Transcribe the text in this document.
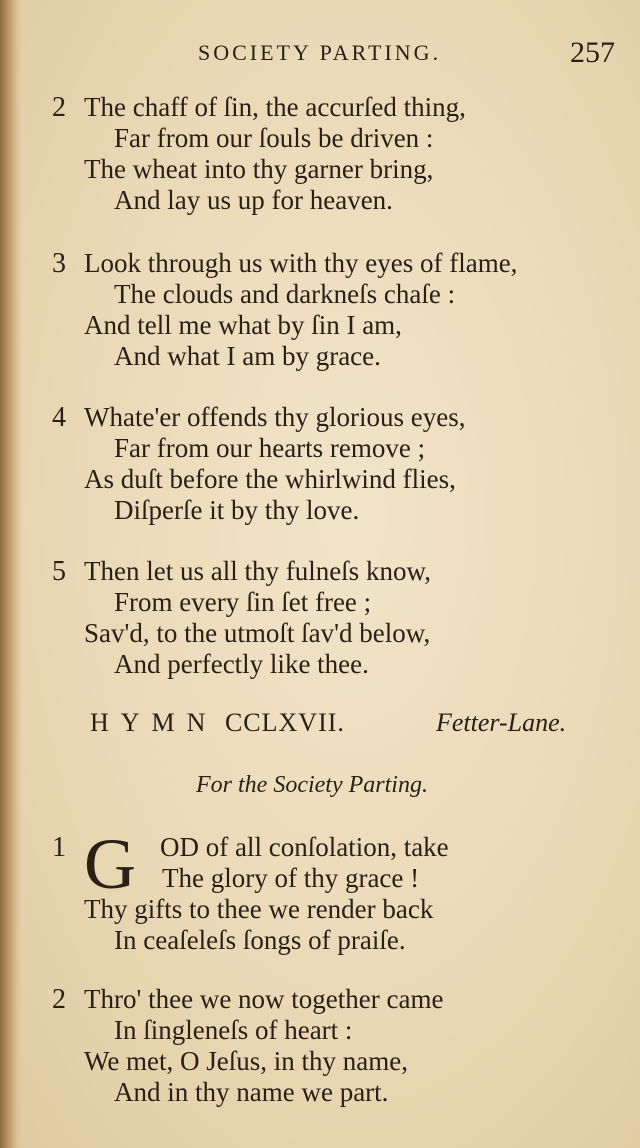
SOCIETY PARTING.	257
2 The chaff of ſin, the accurſed thing,
Far from our ſouls be driven :
The wheat into thy garner bring,
And lay us up for heaven.
3 Look through us with thy eyes of flame,
The clouds and darkneſs chaſe :
And tell me what by ſin I am,
And what I am by grace.
4 Whate'er offends thy glorious eyes,
Far from our hearts remove ;
As duſt before the whirlwind flies,
Diſperſe it by thy love.
5 Then let us all thy fulneſs know,
From every ſin ſet free ;
Sav'd, to the utmoſt ſav'd below,
And perfectly like thee.
HYMN CCLXVII.	Fetter-Lane.
For the Society Parting.
1	OD of all conſolation, take
The glory of thy grace !
Thy gifts to thee we render back
In ceaſeleſs ſongs of praiſe.
G
2 Thro' thee we now together came
In ſingleneſs of heart :
We met, O Jeſus, in thy name,
And in thy name we part.
